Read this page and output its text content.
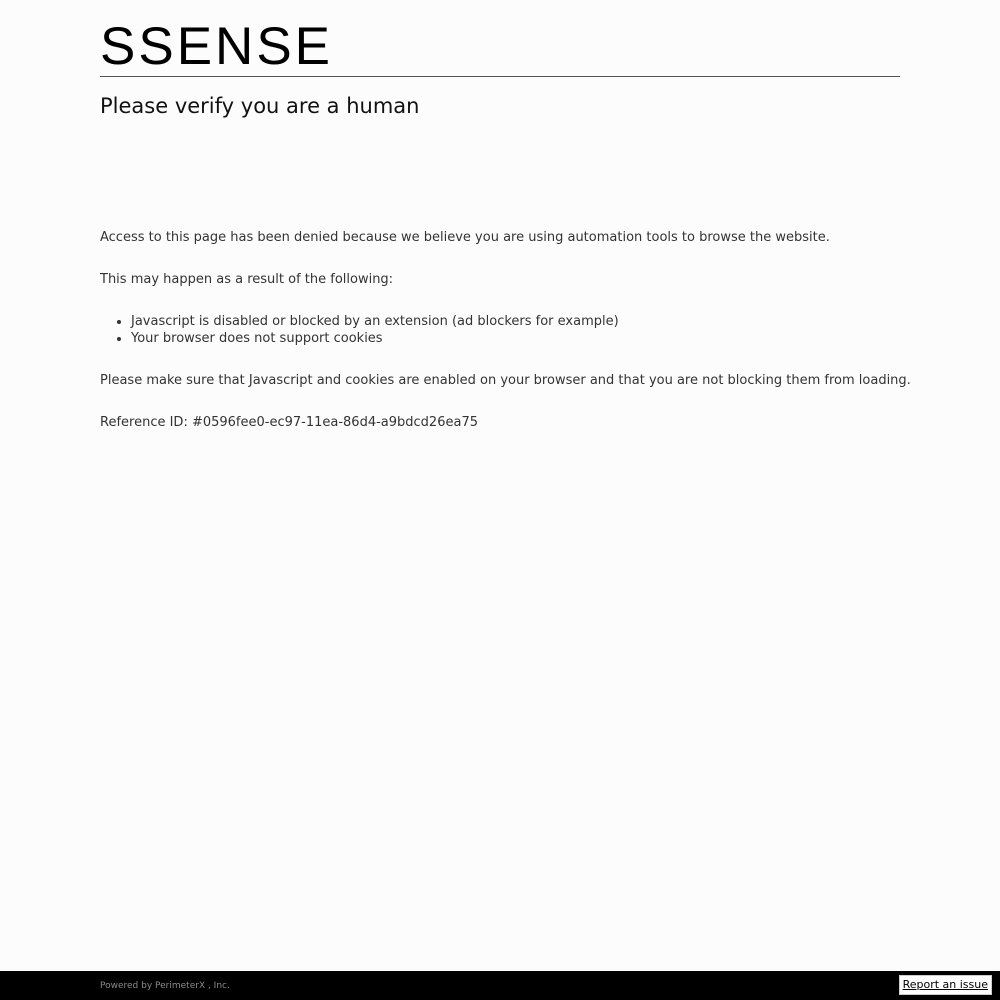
SSENSE
Please verify you are a human

Access to this page has been denied because we believe you are using automation tools to browse the website.

This may happen as a result of the following:

• Javascript is disabled or blocked by an extension (ad blockers for example)
• Your browser does not support cookies

Please make sure that Javascript and cookies are enabled on your browser and that you are not blocking them from loading.

Reference ID: #0596fee0-ec97-11ea-86d4-a9bdcd26ea75

Powered by PerimeterX , Inc.	Report an issue
